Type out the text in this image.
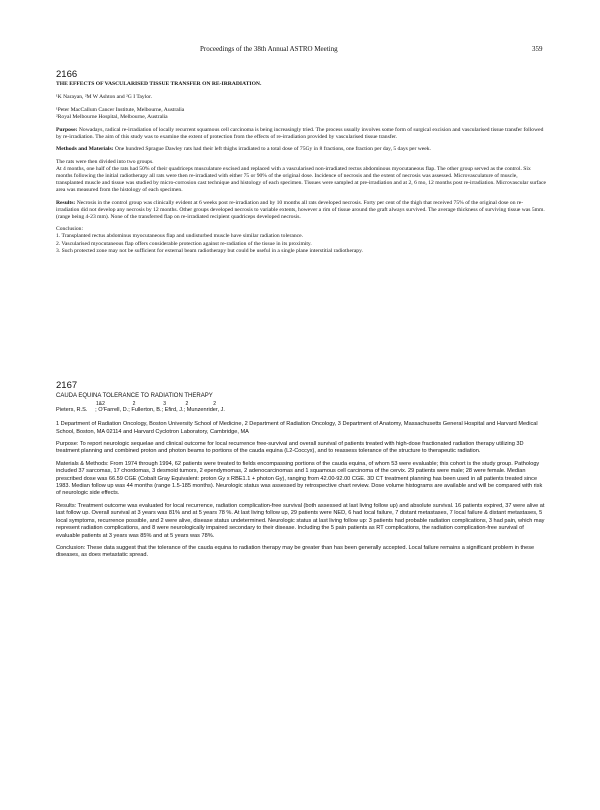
Proceedings of the 38th Annual ASTRO Meeting	359
2166
THE EFFECTS OF VASCULARISED TISSUE TRANSFER ON RE-IRRADIATION.
¹K Narayan, ²M W Ashton and ²G I Taylor.
¹Peter MacCallum Cancer Institute, Melbourne, Australia
²Royal Melbourne Hospital, Melbourne, Australia
Purpose: Nowadays, radical re-irradiation of locally recurrent squamous cell carcinoma is being increasingly tried. The process usually involves some form of surgical excision and vascularised tissue transfer followed by re-irradiation. The aim of this study was to examine the extent of protection from the effects of re-irradiation provided by vascularised tissue transfer.
Methods and Materials: One hundred Sprague Dawley rats had their left thighs irradiated to a total dose of 75Gy in 8 fractions, one fraction per day, 5 days per week.
The rats were then divided into two groups.
At 4 months, one half of the rats had 50% of their quadriceps musculature excised and replaced with a vascularised non-irradiated rectus abdominous myocutaneous flap. The other group served as the control. Six months following the initial radiotherapy all rats were then re-irradiated with either 75 or 90% of the original dose. Incidence of necrosis and the extent of necrosis was assessed. Microvasculature of muscle, transplanted muscle and tissue was studied by micro-corrosion cast technique and histology of each specimen. Tissues were sampled at pre-irradiation and at 2, 6 mo, 12 months post re-irradiation. Microvascular surface area was measured from the histology of each specimen.
Results: Necrosis in the control group was clinically evident at 6 weeks post re-irradiation and by 10 months all rats developed necrosis. Forty per cent of the thigh that received 75% of the original dose on re-irradiation did not develop any necrosis by 12 months. Other groups developed necrosis to variable extents, however a rim of tissue around the graft always survived. The average thickness of surviving tissue was 5mm. (range being 4-23 mm). None of the transferred flap on re-irradiated recipient quadriceps developed necrosis.
Conclusion:
1. Transplanted rectus abdominus myocutaneous flap and undisturbed muscle have similar radiation tolerance.
2. Vascularised myocutaneous flap offers considerable protection against re-radiation of the tissue in its proximity.
3. Such protected zone may not be sufficient for external beam radiotherapy but could be useful in a single plane interstitial radiotherapy.
2167
CAUDA EQUINA TOLERANCE TO RADIATION THERAPY
1&2                    2                    3              2                  2
Pieters, R.S.     ; O'Farrell, D.; Fullerton, B.; Efird, J.; Munzenrider, J.
1 Department of Radiation Oncology, Boston University School of Medicine, 2 Department of Radiation Oncology, 3 Department of Anatomy, Massachusetts General Hospital and Harvard Medical School, Boston, MA 02114 and Harvard Cyclotron Laboratory, Cambridge, MA
Purpose: To report neurologic sequelae and clinical outcome for local recurrence free-survival and overall survival of patients treated with high-dose fractionated radiation therapy utilizing 3D treatment planning and combined proton and photon beams to portions of the cauda equina (L2-Coccyx), and to reassess tolerance of the structure to therapeutic radiation.
Materials & Methods: From 1974 through 1994, 62 patients were treated to fields encompassing portions of the cauda equina, of whom 53 were evaluable; this cohort is the study group. Pathology included 37 sarcomas, 17 chordomas, 3 desmoid tumors, 2 ependymomas, 2 adenocarcinomas and 1 squamous cell carcinoma of the cervix. 29 patients were male; 28 were female. Median prescribed dose was 66.59 CGE (Cobalt Gray Equivalent: proton Gy x RBE1.1 + photon Gy), ranging from 42.00-92.00 CGE. 3D CT treatment planning has been used in all patients treated since 1983. Median follow up was 44 months (range 1.5-185 months). Neurologic status was assessed by retrospective chart review. Dose volume histograms are available and will be compared with risk of neurologic side effects.
Results: Treatment outcome was evaluated for local recurrence, radiation complication-free survival (both assessed at last living follow up) and absolute survival. 16 patients expired, 37 were alive at last follow up. Overall survival at 3 years was 81% and at 5 years 78 %. At last living follow up, 29 patients were NED, 6 had local failure, 7 distant metastases, 7 local failure & distant metastases, 5 local symptoms, recurrence possible, and 2 were alive, disease status undetermined. Neurologic status at last living follow up: 3 patients had probable radiation complications, 3 had pain, which may represent radiation complications, and 8 were neurologically impaired secondary to their disease. Including the 5 pain patients as RT complications, the radiation complication-free survival of evaluable patients at 3 years was 85% and at 5 years was 78%.
Conclusion: These data suggest that the tolerance of the cauda equina to radiation therapy may be greater than has been generally accepted. Local failure remains a significant problem in these diseases, as does metastatic spread.
